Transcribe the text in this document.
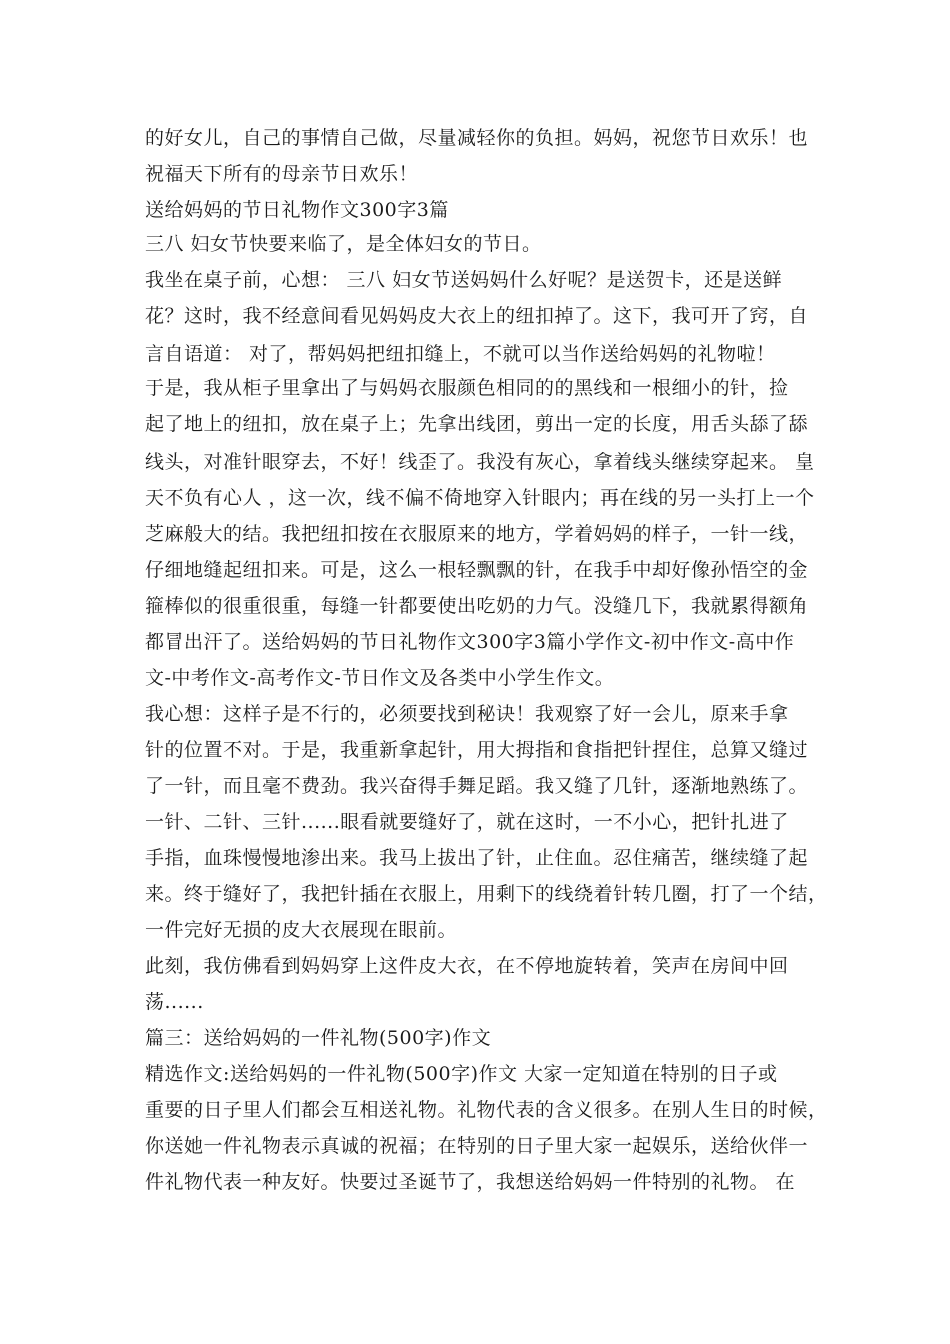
的好女儿，自己的事情自己做，尽量减轻你的负担。妈妈，祝您节日欢乐！也
祝福天下所有的母亲节日欢乐！
送给妈妈的节日礼物作文300字3篇
三八 妇女节快要来临了，是全体妇女的节日。
我坐在桌子前，心想： 三八 妇女节送妈妈什么好呢？是送贺卡，还是送鲜
花？这时，我不经意间看见妈妈皮大衣上的纽扣掉了。这下，我可开了窍，自
言自语道： 对了，帮妈妈把纽扣缝上，不就可以当作送给妈妈的礼物啦！
于是，我从柜子里拿出了与妈妈衣服颜色相同的的黑线和一根细小的针，捡
起了地上的纽扣，放在桌子上；先拿出线团，剪出一定的长度，用舌头舔了舔
线头，对准针眼穿去，不好！线歪了。我没有灰心，拿着线头继续穿起来。 皇
天不负有心人 ，这一次，线不偏不倚地穿入针眼内；再在线的另一头打上一个
芝麻般大的结。我把纽扣按在衣服原来的地方，学着妈妈的样子，一针一线，
仔细地缝起纽扣来。可是，这么一根轻飘飘的针，在我手中却好像孙悟空的金
箍棒似的很重很重，每缝一针都要使出吃奶的力气。没缝几下，我就累得额角
都冒出汗了。送给妈妈的节日礼物作文300字3篇小学作文-初中作文-高中作
文-中考作文-高考作文-节日作文及各类中小学生作文。
我心想：这样子是不行的，必须要找到秘诀！我观察了好一会儿，原来手拿
针的位置不对。于是，我重新拿起针，用大拇指和食指把针捏住，总算又缝过
了一针，而且毫不费劲。我兴奋得手舞足蹈。我又缝了几针，逐渐地熟练了。
一针、二针、三针......眼看就要缝好了，就在这时，一不小心，把针扎进了
手指，血珠慢慢地渗出来。我马上拔出了针，止住血。忍住痛苦，继续缝了起
来。终于缝好了，我把针插在衣服上，用剩下的线绕着针转几圈，打了一个结，
一件完好无损的皮大衣展现在眼前。
此刻，我仿佛看到妈妈穿上这件皮大衣，在不停地旋转着，笑声在房间中回
荡......
篇三：送给妈妈的一件礼物(500字)作文
精选作文:送给妈妈的一件礼物(500字)作文 大家一定知道在特别的日子或
重要的日子里人们都会互相送礼物。礼物代表的含义很多。在别人生日的时候，
你送她一件礼物表示真诚的祝福；在特别的日子里大家一起娱乐，送给伙伴一
件礼物代表一种友好。快要过圣诞节了，我想送给妈妈一件特别的礼物。 在
